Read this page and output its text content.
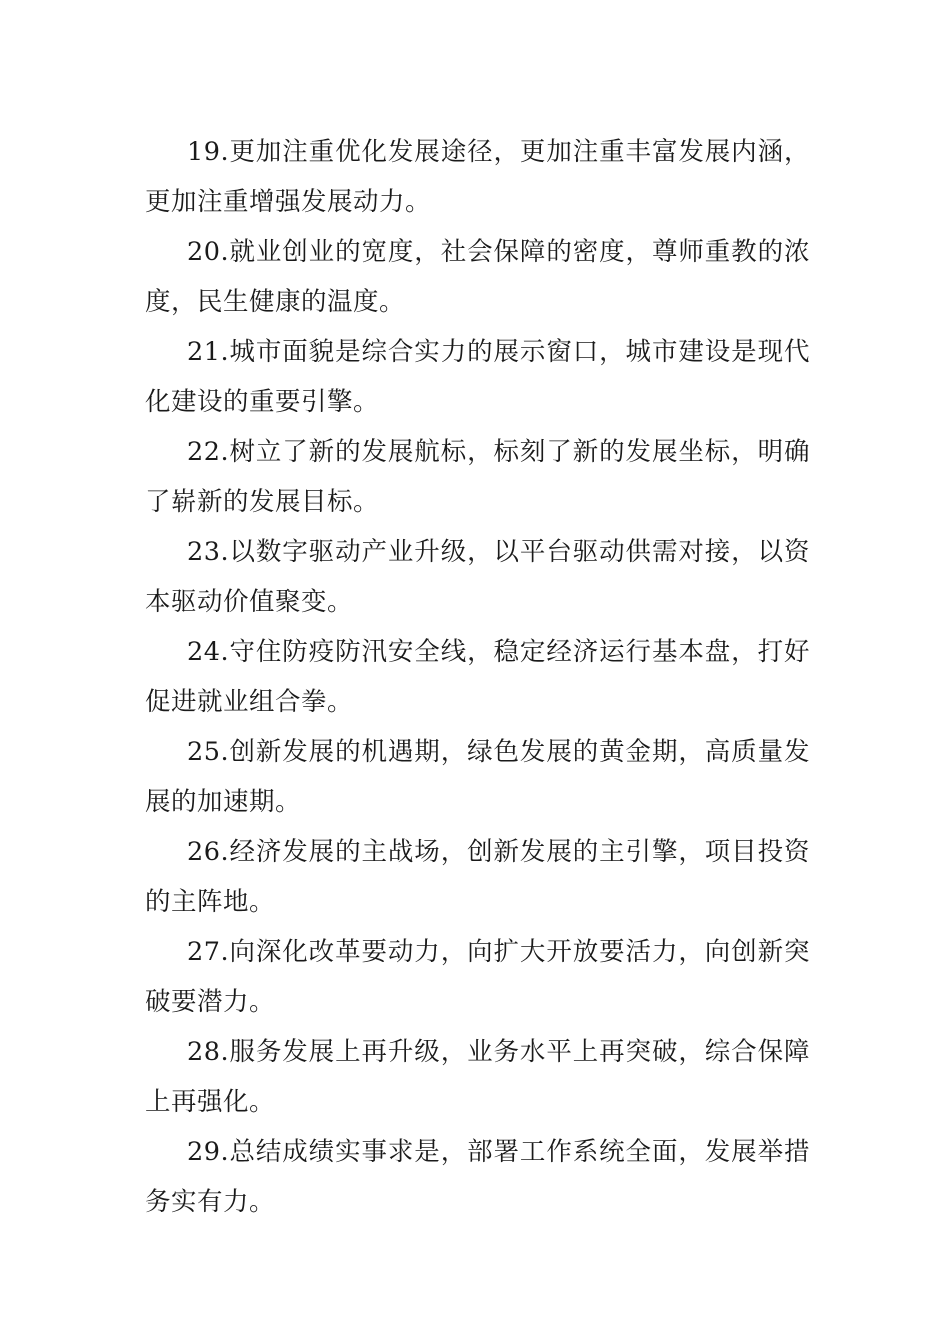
19.更加注重优化发展途径，更加注重丰富发展内涵，更加注重增强发展动力。

20.就业创业的宽度，社会保障的密度，尊师重教的浓度，民生健康的温度。

21.城市面貌是综合实力的展示窗口，城市建设是现代化建设的重要引擎。

22.树立了新的发展航标，标刻了新的发展坐标，明确了崭新的发展目标。

23.以数字驱动产业升级，以平台驱动供需对接，以资本驱动价值聚变。

24.守住防疫防汛安全线，稳定经济运行基本盘，打好促进就业组合拳。

25.创新发展的机遇期，绿色发展的黄金期，高质量发展的加速期。

26.经济发展的主战场，创新发展的主引擎，项目投资的主阵地。

27.向深化改革要动力，向扩大开放要活力，向创新突破要潜力。

28.服务发展上再升级，业务水平上再突破，综合保障上再强化。

29.总结成绩实事求是，部署工作系统全面，发展举措务实有力。
